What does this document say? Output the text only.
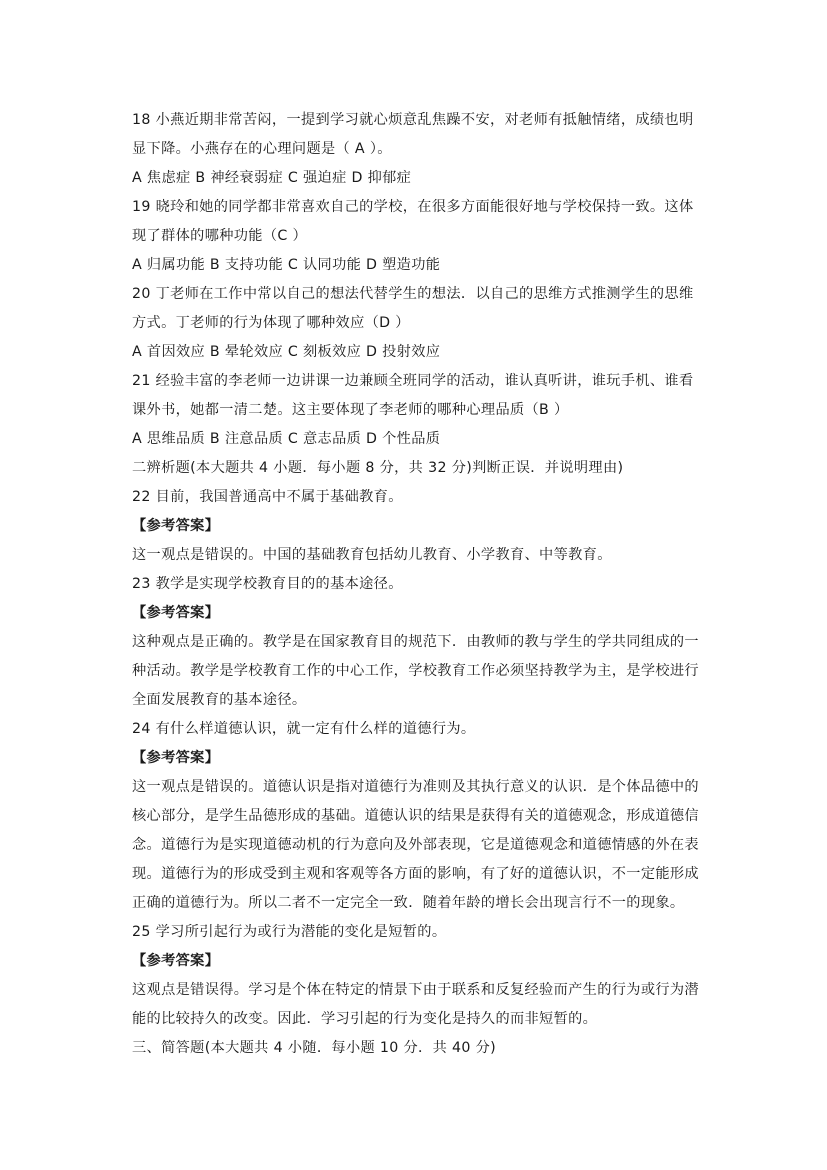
18 小燕近期非常苦闷，一提到学习就心烦意乱焦躁不安，对老师有抵触情绪，成绩也明
显下降。小燕存在的心理问题是（ A ）。
A 焦虑症 B 神经衰弱症 C 强迫症 D 抑郁症
19 晓玲和她的同学都非常喜欢自己的学校，在很多方面能很好地与学校保持一致。这体
现了群体的哪种功能（C ）
A 归属功能 B 支持功能 C 认同功能 D 塑造功能
20 丁老师在工作中常以自己的想法代替学生的想法．以自己的思维方式推测学生的思维
方式。丁老师的行为体现了哪种效应（D ）
A 首因效应 B 晕轮效应 C 刻板效应 D 投射效应
21 经验丰富的李老师一边讲课一边兼顾全班同学的活动，谁认真听讲，谁玩手机、谁看
课外书，她都一清二楚。这主要体现了李老师的哪种心理品质（B ）
A 思维品质 B 注意品质 C 意志品质 D 个性品质
二辨析题(本大题共 4 小题．每小题 8 分，共 32 分)判断正误．并说明理由)
22 目前，我国普通高中不属于基础教育。
【参考答案】
这一观点是错误的。中国的基础教育包括幼儿教育、小学教育、中等教育。
23 教学是实现学校教育目的的基本途径。
【参考答案】
这种观点是正确的。教学是在国家教育目的规范下．由教师的教与学生的学共同组成的一
种活动。教学是学校教育工作的中心工作，学校教育工作必须坚持教学为主，是学校进行
全面发展教育的基本途径。
24 有什么样道德认识，就一定有什么样的道德行为。
【参考答案】
这一观点是错误的。道德认识是指对道德行为准则及其执行意义的认识．是个体品德中的
核心部分，是学生品德形成的基础。道德认识的结果是获得有关的道德观念，形成道德信
念。道德行为是实现道德动机的行为意向及外部表现，它是道德观念和道德情感的外在表
现。道德行为的形成受到主观和客观等各方面的影响，有了好的道德认识，不一定能形成
正确的道德行为。所以二者不一定完全一致．随着年龄的增长会出现言行不一的现象。
25 学习所引起行为或行为潜能的变化是短暂的。
【参考答案】
这观点是错误得。学习是个体在特定的情景下由于联系和反复经验而产生的行为或行为潜
能的比较持久的改变。因此．学习引起的行为变化是持久的而非短暂的。
三、简答题(本大题共 4 小随．每小题 10 分．共 40 分)
